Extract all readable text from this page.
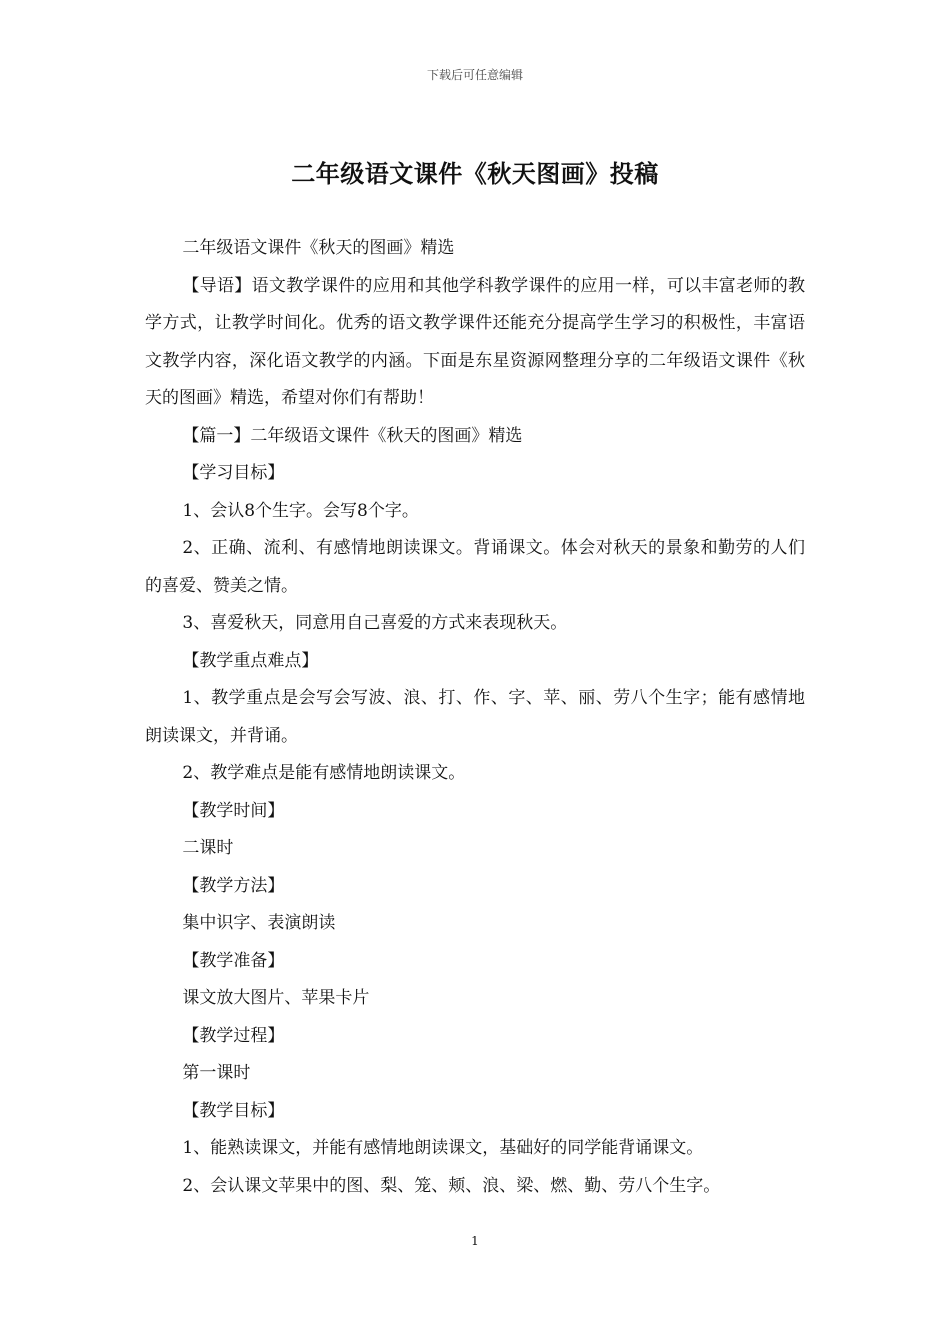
下载后可任意编辑
二年级语文课件《秋天图画》投稿

二年级语文课件《秋天的图画》精选

【导语】语文教学课件的应用和其他学科教学课件的应用一样，可以丰富老师的教学方式，让教学时间化。优秀的语文教学课件还能充分提高学生学习的积极性，丰富语文教学内容，深化语文教学的内涵。下面是东星资源网整理分享的二年级语文课件《秋天的图画》精选，希望对你们有帮助！

【篇一】二年级语文课件《秋天的图画》精选

【学习目标】

1、会认8个生字。会写8个字。

2、正确、流利、有感情地朗读课文。背诵课文。体会对秋天的景象和勤劳的人们的喜爱、赞美之情。

3、喜爱秋天，同意用自己喜爱的方式来表现秋天。

【教学重点难点】

1、教学重点是会写会写波、浪、打、作、字、苹、丽、劳八个生字；能有感情地朗读课文，并背诵。

2、教学难点是能有感情地朗读课文。

【教学时间】

二课时

【教学方法】

集中识字、表演朗读

【教学准备】

课文放大图片、苹果卡片

【教学过程】

第一课时

【教学目标】

1、能熟读课文，并能有感情地朗读课文，基础好的同学能背诵课文。

2、会认课文苹果中的图、梨、笼、颊、浪、梁、燃、勤、劳八个生字。

1
